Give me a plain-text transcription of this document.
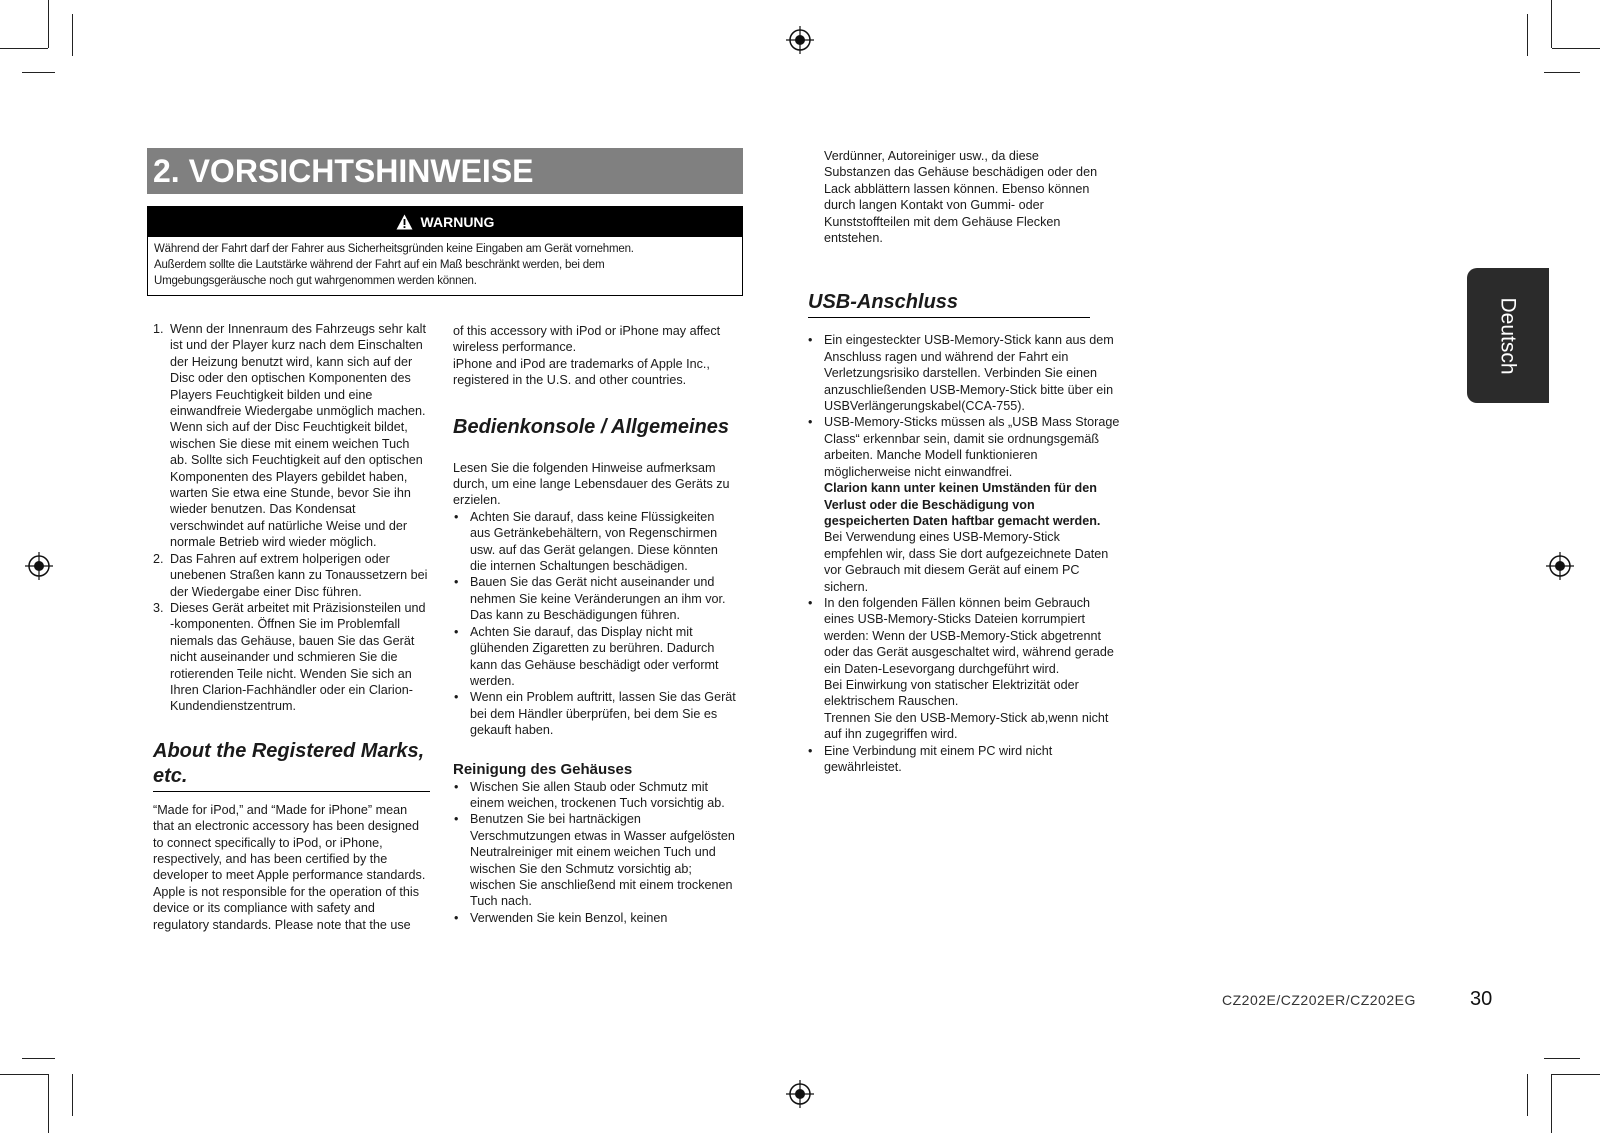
2. VORSICHTSHINWEISE
WARNUNG
Während der Fahrt darf der Fahrer aus Sicherheitsgründen keine Eingaben am Gerät vornehmen.
Außerdem sollte die Lautstärke während der Fahrt auf ein Maß beschränkt werden, bei dem
Umgebungsgeräusche noch gut wahrgenommen werden können.
1. Wenn der Innenraum des Fahrzeugs sehr kalt ist und der Player kurz nach dem Einschalten der Heizung benutzt wird, kann sich auf der Disc oder den optischen Komponenten des Players Feuchtigkeit bilden und eine einwandfreie Wiedergabe unmöglich machen. Wenn sich auf der Disc Feuchtigkeit bildet, wischen Sie diese mit einem weichen Tuch ab. Sollte sich Feuchtigkeit auf den optischen Komponenten des Players gebildet haben, warten Sie etwa eine Stunde, bevor Sie ihn wieder benutzen. Das Kondensat verschwindet auf natürliche Weise und der normale Betrieb wird wieder möglich.
2. Das Fahren auf extrem holperigen oder unebenen Straßen kann zu Tonaussetzern bei der Wiedergabe einer Disc führen.
3. Dieses Gerät arbeitet mit Präzisionsteilen und -komponenten. Öffnen Sie im Problemfall niemals das Gehäuse, bauen Sie das Gerät nicht auseinander und schmieren Sie die rotierenden Teile nicht. Wenden Sie sich an Ihren Clarion-Fachhändler oder ein Clarion-Kundendienstzentrum.
About the Registered Marks, etc.

“Made for iPod,” and “Made for iPhone” mean that an electronic accessory has been designed to connect specifically to iPod, or iPhone, respectively, and has been certified by the developer to meet Apple performance standards.

Apple is not responsible for the operation of this device or its compliance with safety and regulatory standards. Please note that the use

of this accessory with iPod or iPhone may affect wireless performance.

iPhone and iPod are trademarks of Apple Inc., registered in the U.S. and other countries.

Bedienkonsole / Allgemeines

Lesen Sie die folgenden Hinweise aufmerksam durch, um eine lange Lebensdauer des Geräts zu erzielen.

• Achten Sie darauf, dass keine Flüssigkeiten aus Getränkebehältern, von Regenschirmen usw. auf das Gerät gelangen. Diese könnten die internen Schaltungen beschädigen.
• Bauen Sie das Gerät nicht auseinander und nehmen Sie keine Veränderungen an ihm vor. Das kann zu Beschädigungen führen.
• Achten Sie darauf, das Display nicht mit glühenden Zigaretten zu berühren. Dadurch kann das Gehäuse beschädigt oder verformt werden.
• Wenn ein Problem auftritt, lassen Sie das Gerät bei dem Händler überprüfen, bei dem Sie es gekauft haben.
Reinigung des Gehäuses
• Wischen Sie allen Staub oder Schmutz mit einem weichen, trockenen Tuch vorsichtig ab.
• Benutzen Sie bei hartnäckigen Verschmutzungen etwas in Wasser aufgelösten Neutralreiniger mit einem weichen Tuch und wischen Sie den Schmutz vorsichtig ab; wischen Sie anschließend mit einem trockenen Tuch nach.
• Verwenden Sie kein Benzol, keinen

Verdünner, Autoreiniger usw., da diese Substanzen das Gehäuse beschädigen oder den Lack abblättern lassen können. Ebenso können durch langen Kontakt von Gummi- oder Kunststoffteilen mit dem Gehäuse Flecken entstehen.

USB-Anschluss
• Ein eingesteckter USB-Memory-Stick kann aus dem Anschluss ragen und während der Fahrt ein Verletzungsrisiko darstellen. Verbinden Sie einen anzuschließenden USB-Memory-Stick bitte über ein USBVerlängerungskabel(CCA-755).
• USB-Memory-Sticks müssen als „USB Mass Storage Class“ erkennbar sein, damit sie ordnungsgemäß arbeiten. Manche Modell funktionieren möglicherweise nicht einwandfrei.
Clarion kann unter keinen Umständen für den Verlust oder die Beschädigung von gespeicherten Daten haftbar gemacht werden.
Bei Verwendung eines USB-Memory-Stick empfehlen wir, dass Sie dort aufgezeichnete Daten vor Gebrauch mit diesem Gerät auf einem PC sichern.
• In den folgenden Fällen können beim Gebrauch eines USB-Memory-Sticks Dateien korrumpiert werden: Wenn der USB-Memory-Stick abgetrennt oder das Gerät ausgeschaltet wird, während gerade ein Daten-Lesevorgang durchgeführt wird.
Bei Einwirkung von statischer Elektrizität oder elektrischem Rauschen.
Trennen Sie den USB-Memory-Stick ab,wenn nicht auf ihn zugegriffen wird.
• Eine Verbindung mit einem PC wird nicht gewährleistet.
Deutsch
CZ202E/CZ202ER/CZ202EG	30
